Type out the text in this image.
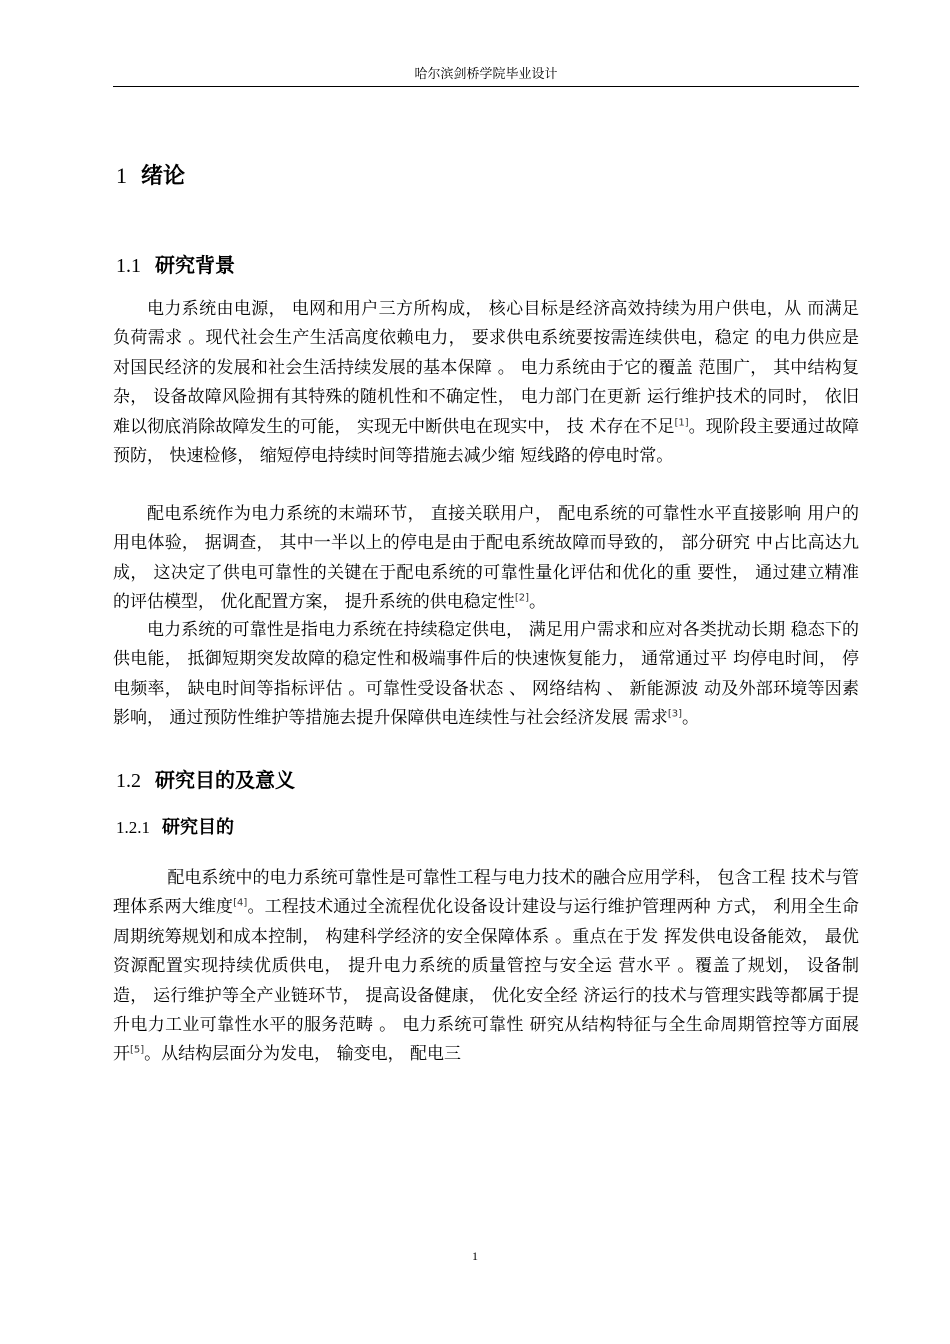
哈尔滨剑桥学院毕业设计
1 绪论
1.1 研究背景

电力系统由电源， 电网和用户三方所构成， 核心目标是经济高效持续为用户供电，从 而满足负荷需求 。现代社会生产生活高度依赖电力， 要求供电系统要按需连续供电，稳定 的电力供应是对国民经济的发展和社会生活持续发展的基本保障 。 电力系统由于它的覆盖 范围广， 其中结构复杂， 设备故障风险拥有其特殊的随机性和不确定性， 电力部门在更新 运行维护技术的同时， 依旧难以彻底消除故障发生的可能， 实现无中断供电在现实中， 技 术存在不足[1]。现阶段主要通过故障预防， 快速检修， 缩短停电持续时间等措施去减少缩 短线路的停电时常。

配电系统作为电力系统的末端环节， 直接关联用户， 配电系统的可靠性水平直接影响 用户的用电体验， 据调查， 其中一半以上的停电是由于配电系统故障而导致的， 部分研究 中占比高达九成， 这决定了供电可靠性的关键在于配电系统的可靠性量化评估和优化的重 要性， 通过建立精准的评估模型， 优化配置方案， 提升系统的供电稳定性[2]。

电力系统的可靠性是指电力系统在持续稳定供电， 满足用户需求和应对各类扰动长期 稳态下的供电能， 抵御短期突发故障的稳定性和极端事件后的快速恢复能力， 通常通过平 均停电时间， 停电频率， 缺电时间等指标评估 。可靠性受设备状态 、 网络结构 、 新能源波 动及外部环境等因素影响， 通过预防性维护等措施去提升保障供电连续性与社会经济发展 需求[3]。

1.2 研究目的及意义
1.2.1 研究目的

配电系统中的电力系统可靠性是可靠性工程与电力技术的融合应用学科， 包含工程 技术与管理体系两大维度[4]。工程技术通过全流程优化设备设计建设与运行维护管理两种 方式， 利用全生命周期统筹规划和成本控制， 构建科学经济的安全保障体系 。重点在于发 挥发供电设备能效， 最优资源配置实现持续优质供电， 提升电力系统的质量管控与安全运 营水平 。覆盖了规划， 设备制造， 运行维护等全产业链环节， 提高设备健康， 优化安全经 济运行的技术与管理实践等都属于提升电力工业可靠性水平的服务范畴 。 电力系统可靠性 研究从结构特征与全生命周期管控等方面展开[5]。从结构层面分为发电， 输变电， 配电三

1
